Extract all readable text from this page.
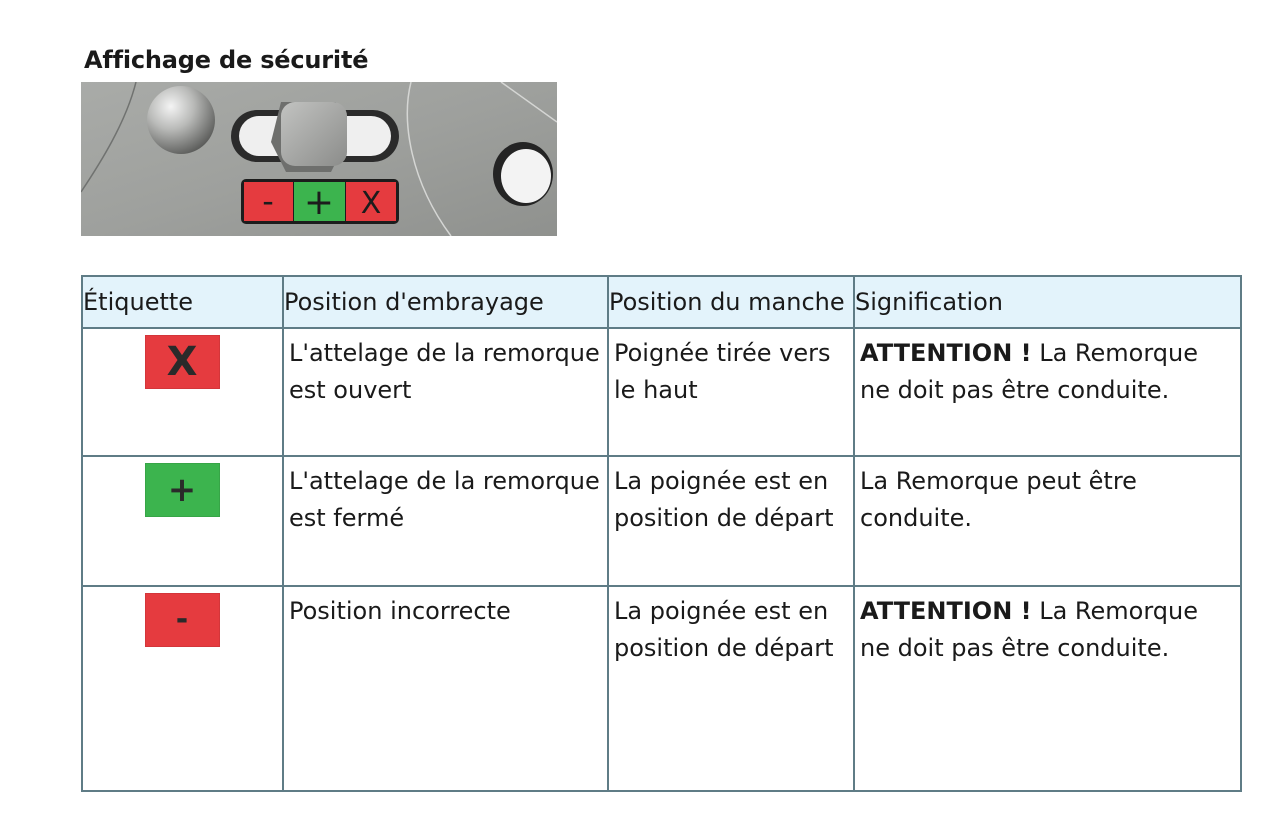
Affichage de sécurité
- + X
Étiquette	Position d'embrayage	Position du manche	Signification
X	L'attelage de la remorque est ouvert	Poignée tirée vers le haut	ATTENTION ! La Remorque ne doit pas être conduite.
+	L'attelage de la remorque est fermé	La poignée est en position de départ	La Remorque peut être conduite.
-	Position incorrecte	La poignée est en position de départ	ATTENTION ! La Remorque ne doit pas être conduite.
